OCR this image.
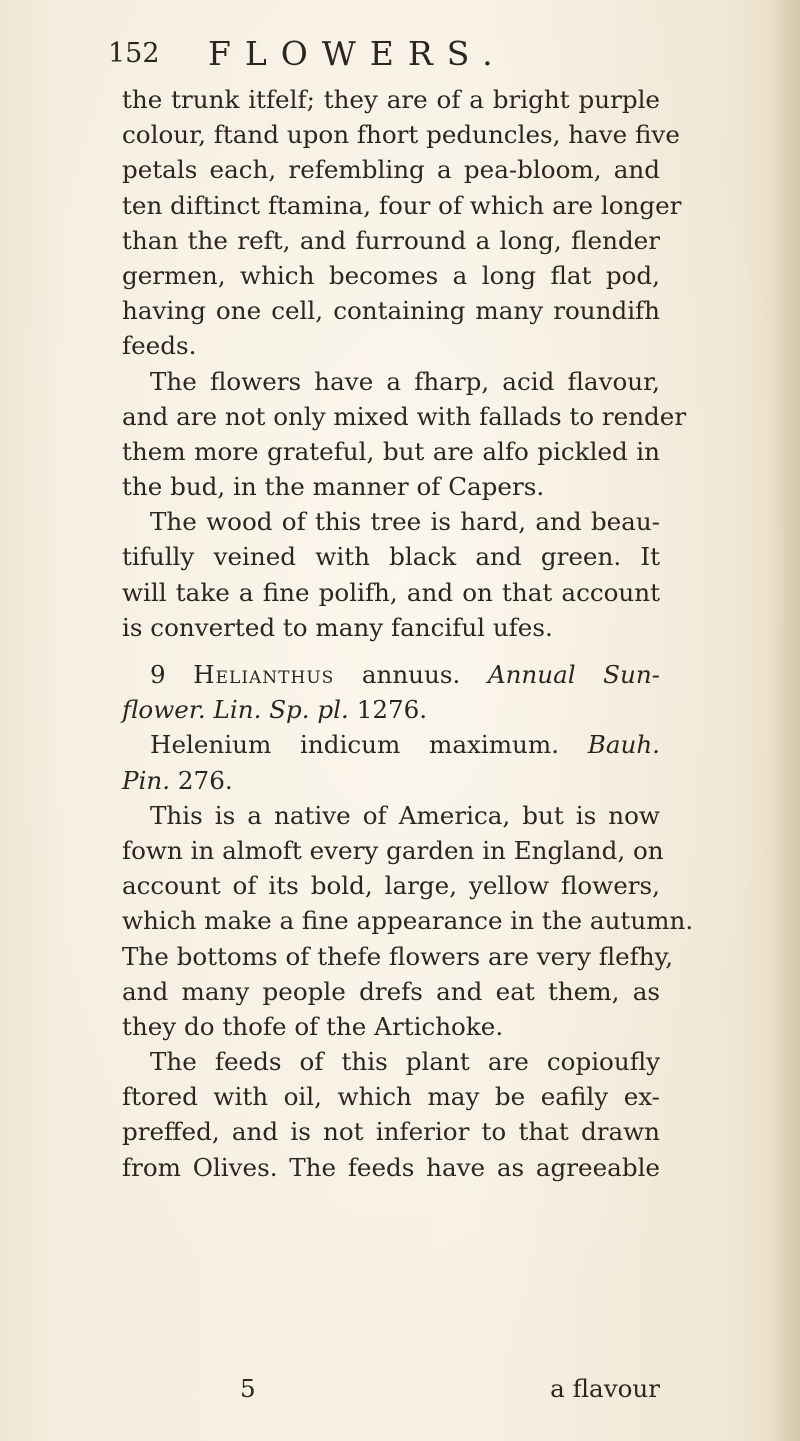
152 FLOWERS.
the trunk itfelf; they are of a bright purple
colour, ftand upon fhort peduncles, have five
petals each, refembling a pea-bloom, and
ten diftinct ftamina, four of which are longer
than the reft, and furround a long, flender
germen, which becomes a long flat pod,
having one cell, containing many roundifh
feeds.
The flowers have a fharp, acid flavour,
and are not only mixed with fallads to render
them more grateful, but are alfo pickled in
the bud, in the manner of Capers.
The wood of this tree is hard, and beau-
tifully veined with black and green. It
will take a fine polifh, and on that account
is converted to many fanciful ufes.
9 Helianthus annuus. Annual Sun-
flower. Lin. Sp. pl. 1276.
Helenium indicum maximum. Bauh.
Pin. 276.
This is a native of America, but is now
fown in almoft every garden in England, on
account of its bold, large, yellow flowers,
which make a fine appearance in the autumn.
The bottoms of thefe flowers are very flefhy,
and many people drefs and eat them, as
they do thofe of the Artichoke.
The feeds of this plant are copioufly
ftored with oil, which may be eafily ex-
preffed, and is not inferior to that drawn
from Olives. The feeds have as agreeable
5	a flavour
